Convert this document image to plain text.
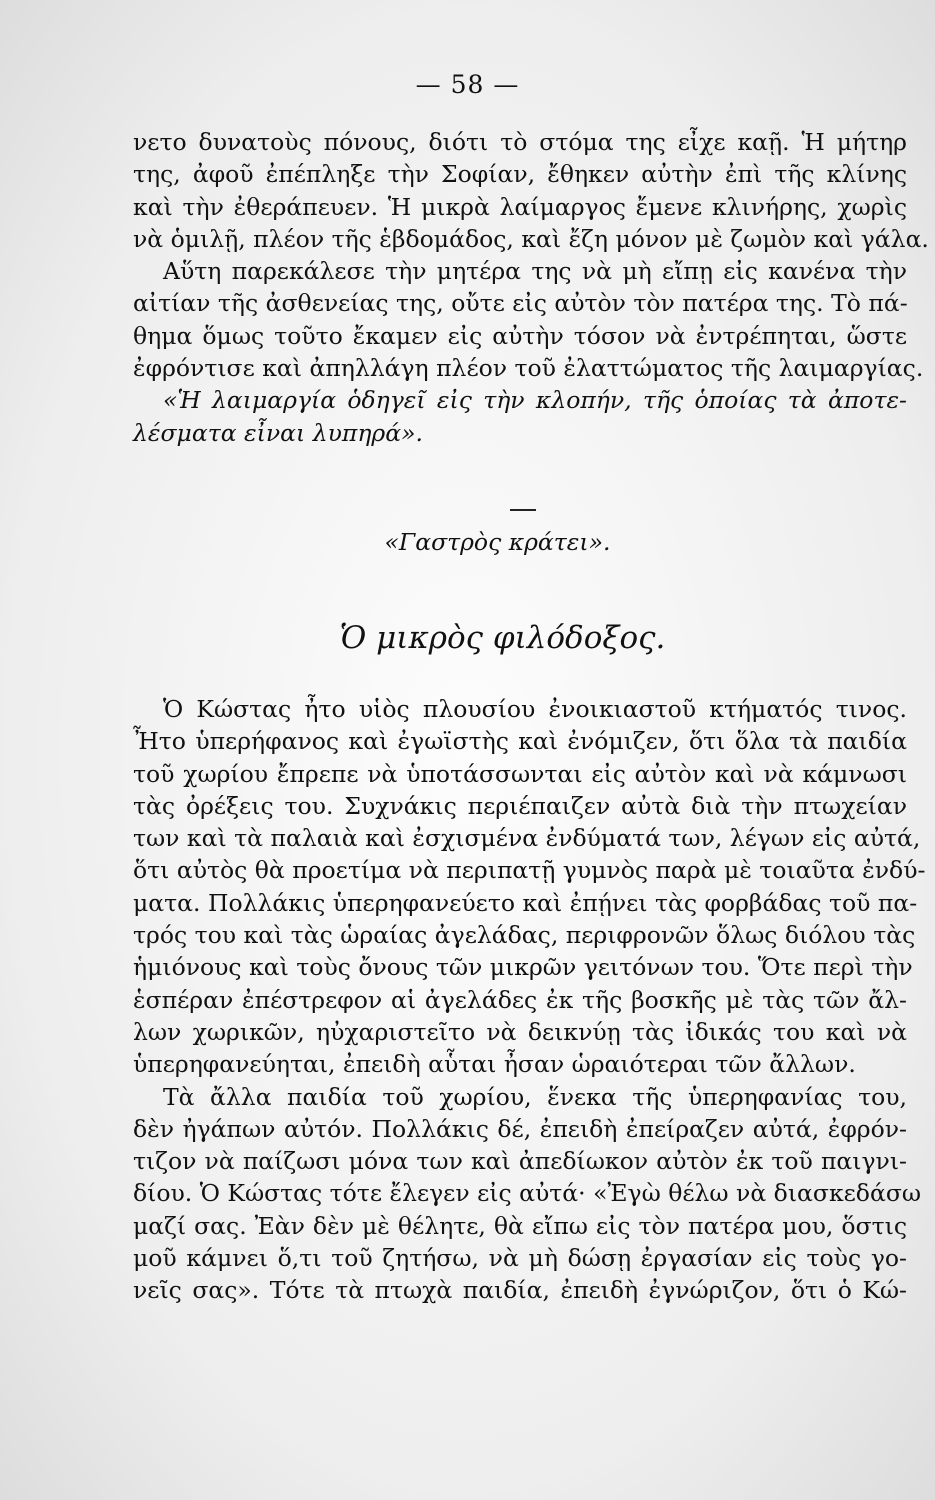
— 58 —
νετο δυνατοὺς πόνους, διότι τὸ στόμα της εἶχε καῇ. Ἡ μήτηρ
της, ἀφοῦ ἐπέπληξε τὴν Σοφίαν, ἔθηκεν αὐτὴν ἐπὶ τῆς κλίνης
καὶ τὴν ἐθεράπευεν. Ἡ μικρὰ λαίμαργος ἔμενε κλινήρης, χωρὶς
νὰ ὁμιλῇ, πλέον τῆς ἑβδομάδος, καὶ ἔζη μόνον μὲ ζωμὸν καὶ γάλα.
Αὕτη παρεκάλεσε τὴν μητέρα της νὰ μὴ εἴπῃ εἰς κανένα τὴν
αἰτίαν τῆς ἀσθενείας της, οὔτε εἰς αὐτὸν τὸν πατέρα της. Τὸ πά-
θημα ὅμως τοῦτο ἔκαμεν εἰς αὐτὴν τόσον νὰ ἐντρέπηται, ὥστε
ἐφρόντισε καὶ ἀπηλλάγη πλέον τοῦ ἐλαττώματος τῆς λαιμαργίας.
«Ἡ λαιμαργία ὁδηγεῖ εἰς τὴν κλοπήν, τῆς ὁποίας τὰ ἀποτε-
λέσματα εἶναι λυπηρά».
«Γαστρὸς κράτει».
Ὁ μικρὸς φιλόδοξος.
Ὁ Κώστας ἦτο υἱὸς πλουσίου ἐνοικιαστοῦ κτήματός τινος.
Ἦτο ὑπερήφανος καὶ ἐγωϊστὴς καὶ ἐνόμιζεν, ὅτι ὅλα τὰ παιδία
τοῦ χωρίου ἔπρεπε νὰ ὑποτάσσωνται εἰς αὐτὸν καὶ νὰ κάμνωσι
τὰς ὀρέξεις του. Συχνάκις περιέπαιζεν αὐτὰ διὰ τὴν πτωχείαν
των καὶ τὰ παλαιὰ καὶ ἐσχισμένα ἐνδύματά των, λέγων εἰς αὐτά,
ὅτι αὐτὸς θὰ προετίμα νὰ περιπατῇ γυμνὸς παρὰ μὲ τοιαῦτα ἐνδύ-
ματα. Πολλάκις ὑπερηφανεύετο καὶ ἐπῄνει τὰς φορβάδας τοῦ πα-
τρός του καὶ τὰς ὡραίας ἀγελάδας, περιφρονῶν ὅλως διόλου τὰς
ἡμιόνους καὶ τοὺς ὄνους τῶν μικρῶν γειτόνων του. Ὅτε περὶ τὴν
ἑσπέραν ἐπέστρεφον αἱ ἀγελάδες ἐκ τῆς βοσκῆς μὲ τὰς τῶν ἄλ-
λων χωρικῶν, ηὐχαριστεῖτο νὰ δεικνύῃ τὰς ἰδικάς του καὶ νὰ
ὑπερηφανεύηται, ἐπειδὴ αὗται ἦσαν ὡραιότεραι τῶν ἄλλων.
Τὰ ἄλλα παιδία τοῦ χωρίου, ἕνεκα τῆς ὑπερηφανίας του,
δὲν ἠγάπων αὐτόν. Πολλάκις δέ, ἐπειδὴ ἐπείραζεν αὐτά, ἐφρόν-
τιζον νὰ παίζωσι μόνα των καὶ ἀπεδίωκον αὐτὸν ἐκ τοῦ παιγνι-
δίου. Ὁ Κώστας τότε ἔλεγεν εἰς αὐτά· «Ἐγὼ θέλω νὰ διασκεδάσω
μαζί σας. Ἐὰν δὲν μὲ θέλητε, θὰ εἴπω εἰς τὸν πατέρα μου, ὅστις
μοῦ κάμνει ὅ,τι τοῦ ζητήσω, νὰ μὴ δώσῃ ἐργασίαν εἰς τοὺς γο-
νεῖς σας». Τότε τὰ πτωχὰ παιδία, ἐπειδὴ ἐγνώριζον, ὅτι ὁ Κώ-
